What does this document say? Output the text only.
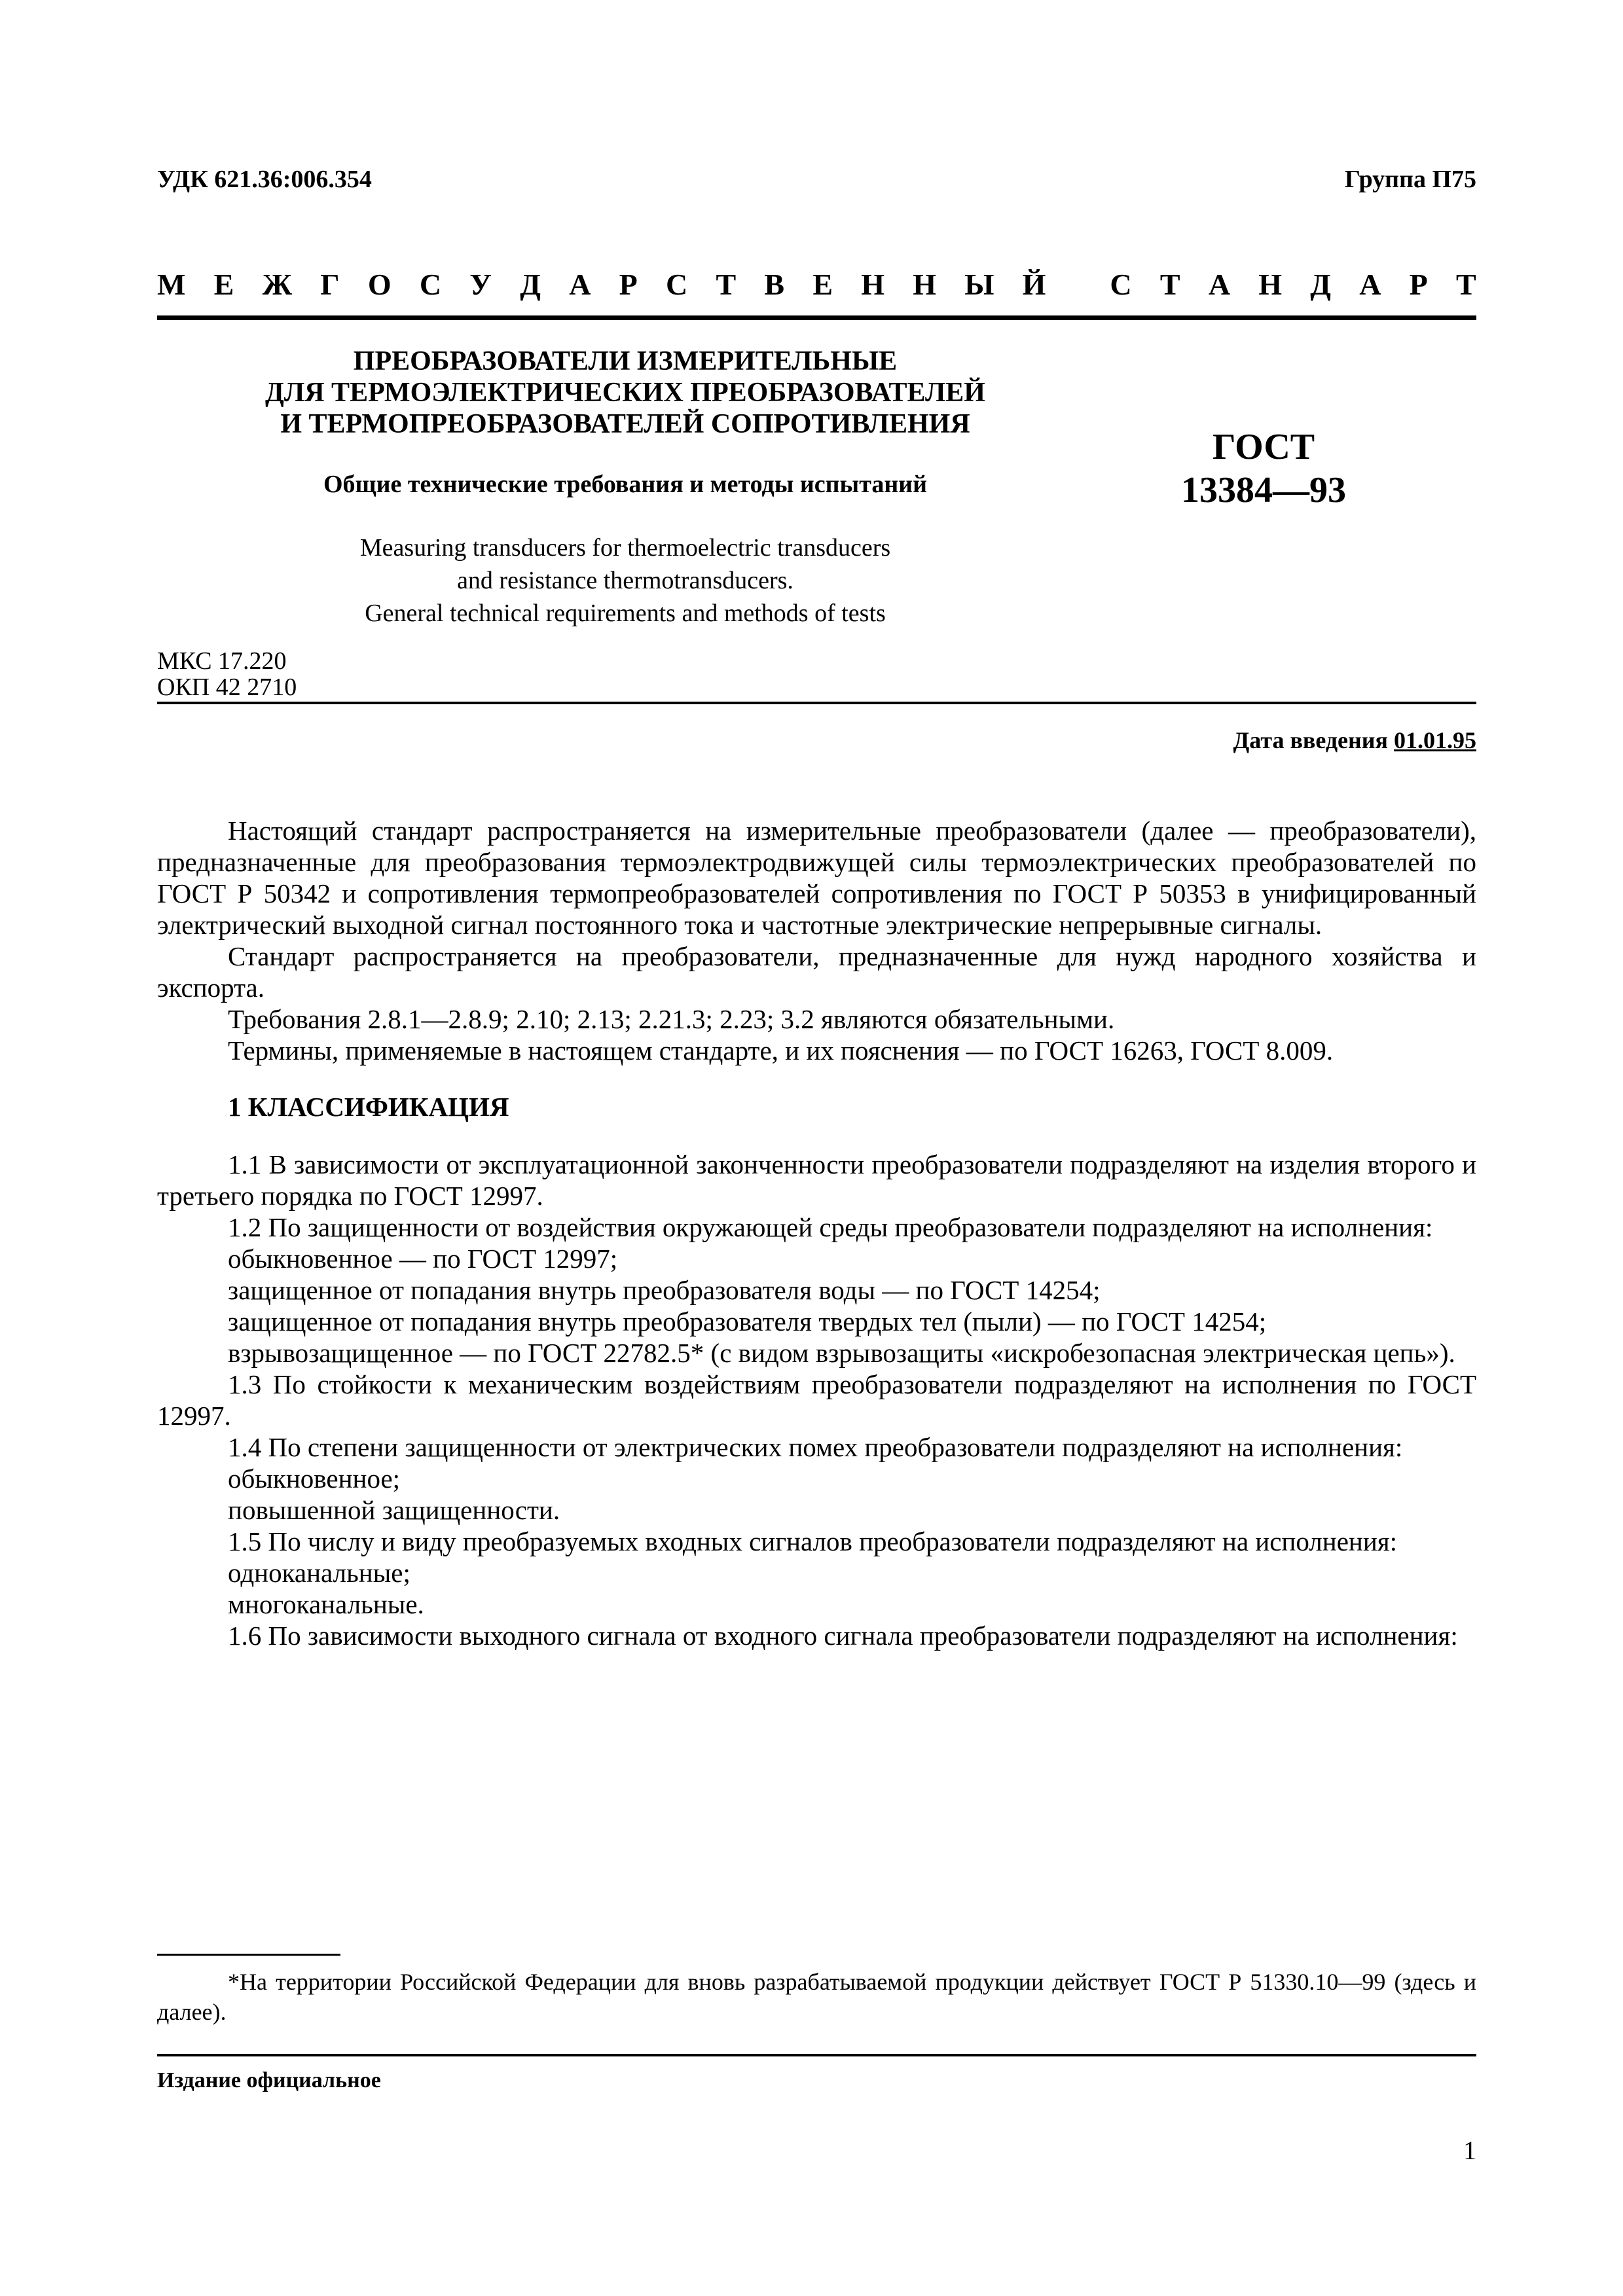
УДК 621.36:006.354	Группа П75
М Е Ж Г О С У Д А Р С Т В Е Н Н Ы Й
С Т А Н Д А Р Т
ПРЕОБРАЗОВАТЕЛИ ИЗМЕРИТЕЛЬНЫЕ
ДЛЯ ТЕРМОЭЛЕКТРИЧЕСКИХ ПРЕОБРАЗОВАТЕЛЕЙ
И ТЕРМОПРЕОБРАЗОВАТЕЛЕЙ СОПРОТИВЛЕНИЯ
Общие технические требования и методы испытаний
ГОСТ
13384—93
Measuring transducers for thermoelectric transducers
and resistance thermotransducers.
General technical requirements and methods of tests
МКС 17.220
ОКП 42 2710
Дата введения 01.01.95

Настоящий стандарт распространяется на измерительные преобразователи (далее — преобразователи), предназначенные для преобразования термоэлектродвижущей силы термоэлектрических преобразователей по ГОСТ Р 50342 и сопротивления термопреобразователей сопротивления по ГОСТ Р 50353 в унифицированный электрический выходной сигнал постоянного тока и частотные электрические непрерывные сигналы.

Стандарт распространяется на преобразователи, предназначенные для нужд народного хозяйства и экспорта.

Требования 2.8.1—2.8.9; 2.10; 2.13; 2.21.3; 2.23; 3.2 являются обязательными.

Термины, применяемые в настоящем стандарте, и их пояснения — по ГОСТ 16263, ГОСТ 8.009.

1 КЛАССИФИКАЦИЯ

1.1 В зависимости от эксплуатационной законченности преобразователи подразделяют на изделия второго и третьего порядка по ГОСТ 12997.

1.2 По защищенности от воздействия окружающей среды преобразователи подразделяют на исполнения:

обыкновенное — по ГОСТ 12997;

защищенное от попадания внутрь преобразователя воды — по ГОСТ 14254;

защищенное от попадания внутрь преобразователя твердых тел (пыли) — по ГОСТ 14254;

взрывозащищенное — по ГОСТ 22782.5* (с видом взрывозащиты «искробезопасная электрическая цепь»).

1.3 По стойкости к механическим воздействиям преобразователи подразделяют на исполнения по ГОСТ 12997.

1.4 По степени защищенности от электрических помех преобразователи подразделяют на исполнения:

обыкновенное;

повышенной защищенности.

1.5 По числу и виду преобразуемых входных сигналов преобразователи подразделяют на исполнения:

одноканальные;

многоканальные.

1.6 По зависимости выходного сигнала от входного сигнала преобразователи подразделяют на исполнения:

*На территории Российской Федерации для вновь разрабатываемой продукции действует ГОСТ Р 51330.10—99 (здесь и далее).

Издание официальное
1
